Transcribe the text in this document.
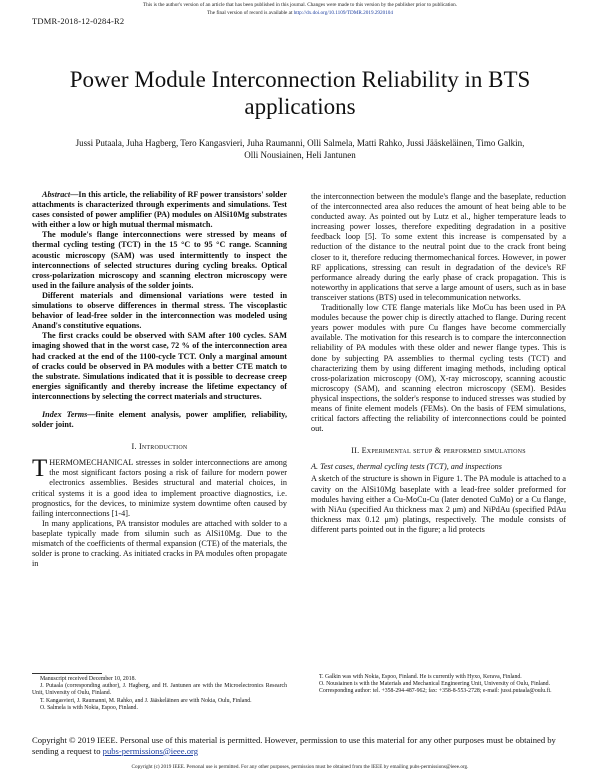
This is the author's version of an article that has been published in this journal. Changes were made to this version by the publisher prior to publication.
The final version of record is available at http://dx.doi.org/10.1109/TDMR.2019.2920104
TDMR-2018-12-0284-R2
Power Module Interconnection Reliability in BTS applications
Jussi Putaala, Juha Hagberg, Tero Kangasvieri, Juha Raumanni, Olli Salmela, Matti Rahko, Jussi Jääskeläinen, Timo Galkin, Olli Nousiainen, Heli Jantunen

Abstract—In this article, the reliability of RF power transistors' solder attachments is characterized through experiments and simulations. Test cases consisted of power amplifier (PA) modules on AlSi10Mg substrates with either a low or high mutual thermal mismatch.

The module's flange interconnections were stressed by means of thermal cycling testing (TCT) in the 15 °C to 95 °C range. Scanning acoustic microscopy (SAM) was used intermittently to inspect the interconnections of selected structures during cycling breaks. Optical cross-polarization microscopy and scanning electron microscopy were used in the failure analysis of the solder joints.

Different materials and dimensional variations were tested in simulations to observe differences in thermal stress. The viscoplastic behavior of lead-free solder in the interconnection was modeled using Anand's constitutive equations.

The first cracks could be observed with SAM after 100 cycles. SAM imaging showed that in the worst case, 72 % of the interconnection area had cracked at the end of the 1100-cycle TCT. Only a marginal amount of cracks could be observed in PA modules with a better CTE match to the substrate. Simulations indicated that it is possible to decrease creep energies significantly and thereby increase the lifetime expectancy of interconnections by selecting the correct materials and structures.

Index Terms—finite element analysis, power amplifier, reliability, solder joint.

I. Introduction

THERMOMECHANICAL stresses in solder interconnections are among the most significant factors posing a risk of failure for modern power electronics assemblies. Besides structural and material choices, in critical systems it is a good idea to implement proactive diagnostics, i.e. prognostics, for the devices, to minimize system downtime often caused by failing interconnections [1-4].

In many applications, PA transistor modules are attached with solder to a baseplate typically made from silumin such as AlSi10Mg. Due to the mismatch of the coefficients of thermal expansion (CTE) of the materials, the solder is prone to cracking. As initiated cracks in PA modules often propagate in

the interconnection between the module's flange and the baseplate, reduction of the interconnected area also reduces the amount of heat being able to be conducted away. As pointed out by Lutz et al., higher temperature leads to increasing power losses, therefore expediting degradation in a positive feedback loop [5]. To some extent this increase is compensated by a reduction of the distance to the neutral point due to the crack front being closer to it, therefore reducing thermomechanical forces. However, in power RF applications, stressing can result in degradation of the device's RF performance already during the early phase of crack propagation. This is noteworthy in applications that serve a large amount of users, such as in base transceiver stations (BTS) used in telecommunication networks.

Traditionally low CTE flange materials like MoCu has been used in PA modules because the power chip is directly attached to flange. During recent years power modules with pure Cu flanges have become commercially available. The motivation for this research is to compare the interconnection reliability of PA modules with these older and newer flange types. This is done by subjecting PA assemblies to thermal cycling tests (TCT) and characterizing them by using different imaging methods, including optical cross-polarization microscopy (OM), X-ray microscopy, scanning acoustic microscopy (SAM), and scanning electron microscopy (SEM). Besides physical inspections, the solder's response to induced stresses was studied by means of finite element models (FEMs). On the basis of FEM simulations, critical factors affecting the reliability of interconnections could be pointed out.

II. Experimental setup & performed simulations
A. Test cases, thermal cycling tests (TCT), and inspections

A sketch of the structure is shown in Figure 1. The PA module is attached to a cavity on the AlSi10Mg baseplate with a lead-free solder preformed for modules having either a Cu-MoCu-Cu (later denoted CuMo) or a Cu flange, with NiAu (specified Au thickness max 2 μm) and NiPdAu (specified PdAu thickness max 0.12 μm) platings, respectively. The module consists of different parts pointed out in the figure; a lid protects

Manuscript received December 10, 2018.

J. Putaala (corresponding author), J. Hagberg, and H. Jantunen are with the Microelectronics Research Unit, University of Oulu, Finland.

T. Kangasvieri, J. Raumanni, M. Rahko, and J. Jääskeläinen are with Nokia, Oulu, Finland.

O. Salmela is with Nokia, Espoo, Finland.

T. Galkin was with Nokia, Espoo, Finland. He is currently with Hyxo, Kerava, Finland.

O. Nousiainen is with the Materials and Mechanical Engineering Unit, University of Oulu, Finland.

Corresponding author: tel. +358-294-487-962; fax: +358-8-553-2728; e-mail: jussi.putaala@oulu.fi.

Copyright © 2019 IEEE. Personal use of this material is permitted. However, permission to use this material for any other purposes must be obtained by sending a request to pubs-permissions@ieee.org
Copyright (c) 2019 IEEE. Personal use is permitted. For any other purposes, permission must be obtained from the IEEE by emailing pubs-permissions@ieee.org.
